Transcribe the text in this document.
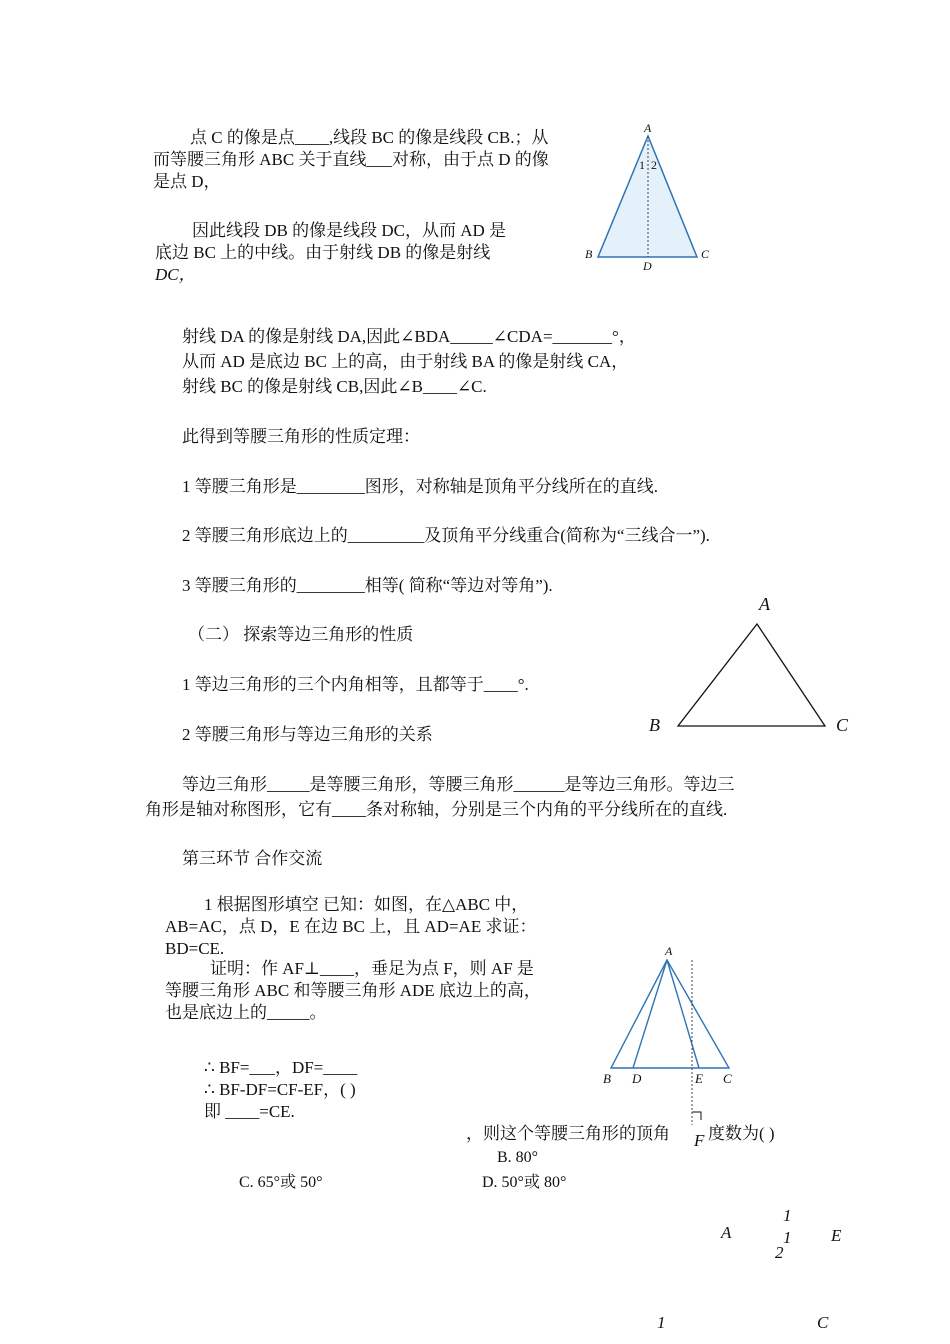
点 C 的像是点____,线段 BC 的像是线段 CB.；从

而等腰三角形 ABC 关于直线___对称，由于点 D 的像

是点 D，

因此线段 DB 的像是线段 DC，从而 AD 是

底边 BC 上的中线。由于射线 DB 的像是射线

DC，

A
1 2
B	C
D

射线 DA 的像是射线 DA,因此∠BDA_____∠CDA=_______°，

从而 AD 是底边 BC 上的高，由于射线 BA 的像是射线 CA，

射线 BC 的像是射线 CB,因此∠B____∠C.

此得到等腰三角形的性质定理：

1 等腰三角形是________图形，对称轴是顶角平分线所在的直线.

2 等腰三角形底边上的_________及顶角平分线重合(简称为“三线合一”).

3 等腰三角形的________相等( 简称“等边对等角”).

（二） 探索等边三角形的性质

1 等边三角形的三个内角相等，且都等于____°.

2 等腰三角形与等边三角形的关系

等边三角形_____是等腰三角形，等腰三角形______是等边三角形。等边三

角形是轴对称图形，它有____条对称轴，分别是三个内角的平分线所在的直线.

A
B	C

第三环节 合作交流

1 根据图形填空 已知：如图，在△ABC 中，

AB=AC，点 D，E 在边 BC 上，且 AD=AE 求证：

BD=CE.

证明：作 AF⊥____，垂足为点 F，则 AF 是

等腰三角形 ABC 和等腰三角形 ADE 底边上的高，

也是底边上的_____。

∴ BF=___，DF=____

∴ BF-DF=CF-EF，( )

即 ____=CE.

A
B D	E C
F

，则这个等腰三角形的顶角 度数为( )

B. 80°

C. 65°或 50°	D. 50°或 80°

1
A	1 E
2
1	C
